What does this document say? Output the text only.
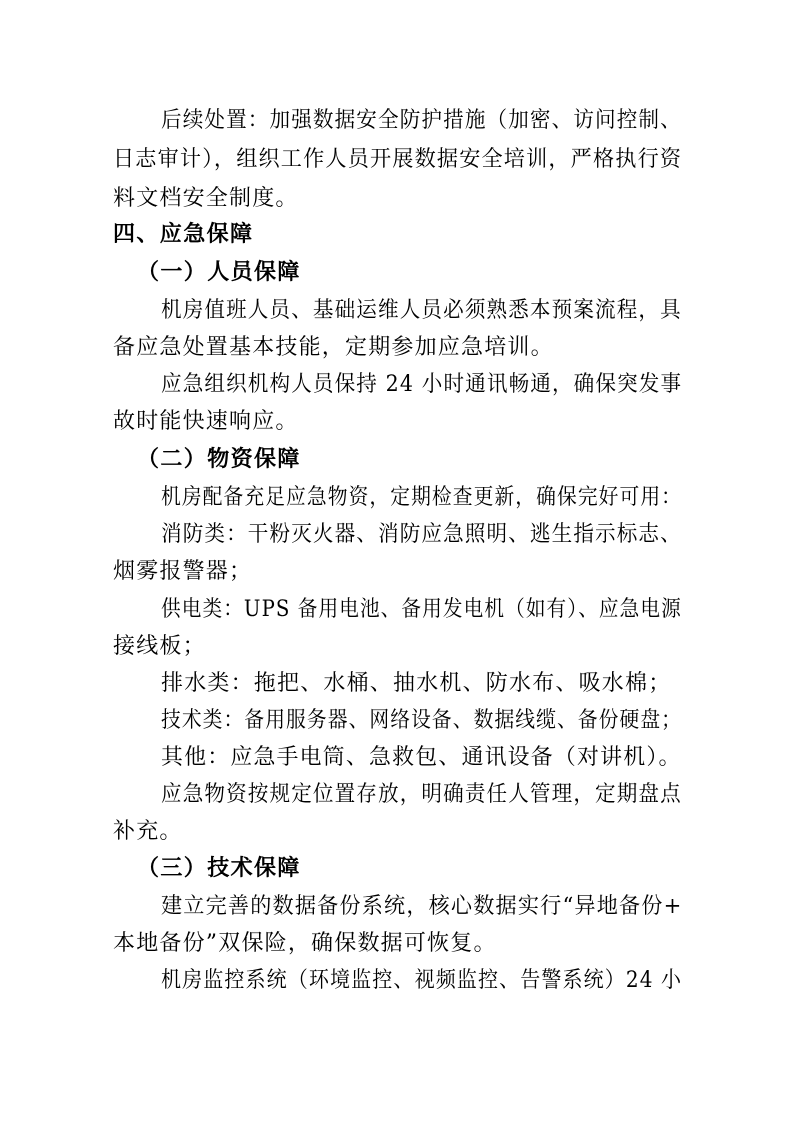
后续处置：加强数据安全防护措施（加密、访问控制、
日志审计），组织工作人员开展数据安全培训，严格执行资
料文档安全制度。
四、应急保障
（一）人员保障
机房值班人员、基础运维人员必须熟悉本预案流程，具
备应急处置基本技能，定期参加应急培训。
应急组织机构人员保持 24 小时通讯畅通，确保突发事
故时能快速响应。
（二）物资保障
机房配备充足应急物资，定期检查更新，确保完好可用：
消防类：干粉灭火器、消防应急照明、逃生指示标志、
烟雾报警器；
供电类：UPS 备用电池、备用发电机（如有）、应急电源
接线板；
排水类：拖把、水桶、抽水机、防水布、吸水棉；
技术类：备用服务器、网络设备、数据线缆、备份硬盘；
其他：应急手电筒、急救包、通讯设备（对讲机）。
应急物资按规定位置存放，明确责任人管理，定期盘点
补充。
（三）技术保障
建立完善的数据备份系统，核心数据实行“异地备份+
本地备份”双保险，确保数据可恢复。
机房监控系统（环境监控、视频监控、告警系统）24 小
